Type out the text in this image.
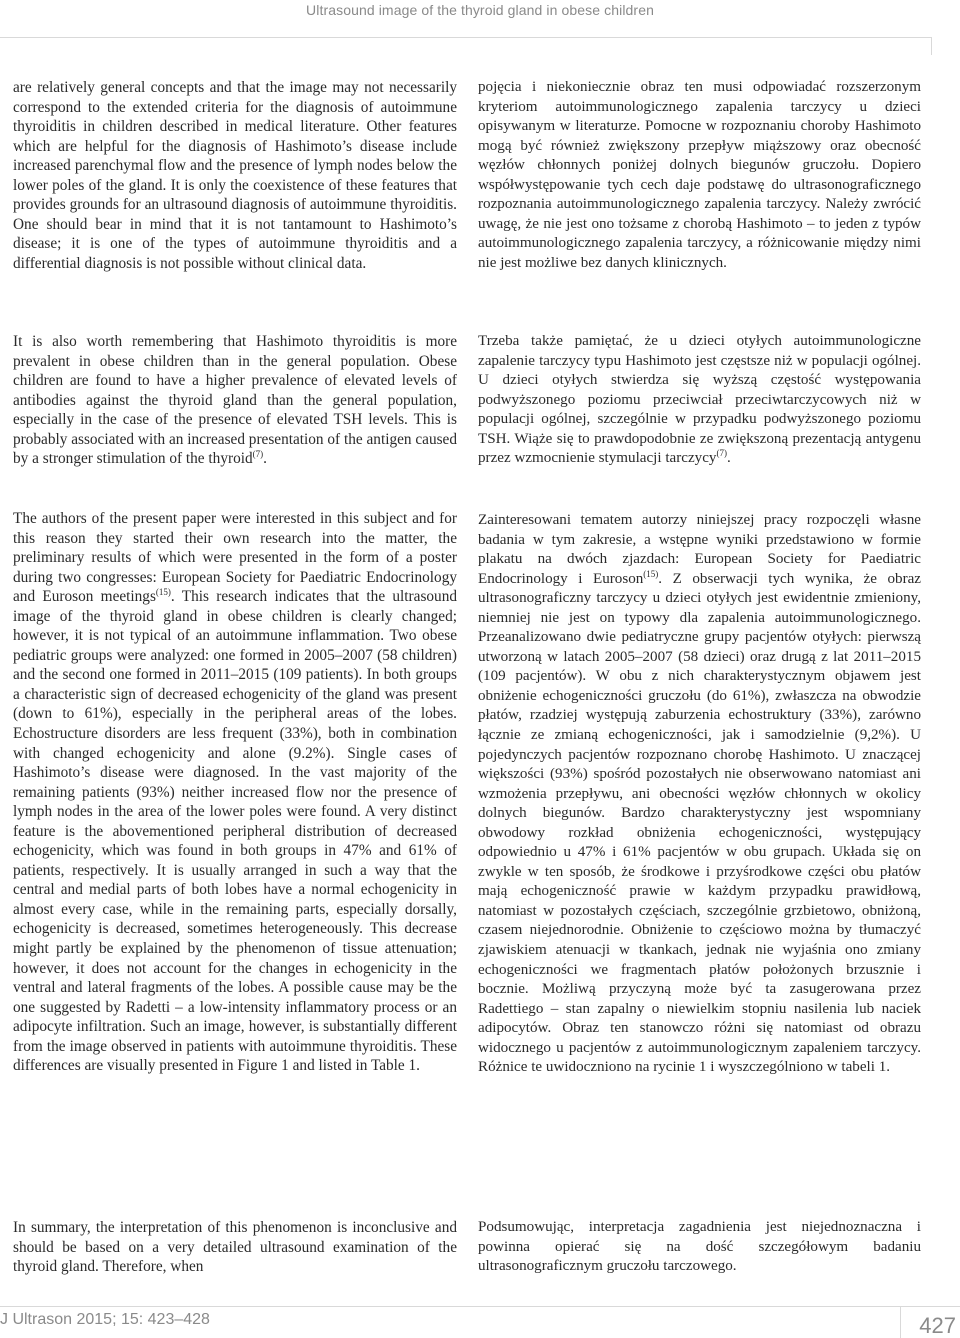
Ultrasound image of the thyroid gland in obese children

are relatively general concepts and that the image may not necessarily correspond to the extended criteria for the diagnosis of autoimmune thyroiditis in children described in medical literature. Other features which are helpful for the diagnosis of Hashimoto’s disease include increased parenchymal flow and the presence of lymph nodes below the lower poles of the gland. It is only the coexistence of these features that provides grounds for an ultrasound diagnosis of autoimmune thyroiditis. One should bear in mind that it is not tantamount to Hashimoto’s disease; it is one of the types of autoimmune thyroiditis and a differential diagnosis is not possible without clinical data.

It is also worth remembering that Hashimoto thyroiditis is more prevalent in obese children than in the general population. Obese children are found to have a higher prevalence of elevated levels of antibodies against the thyroid gland than the general population, especially in the case of the presence of elevated TSH levels. This is probably associated with an increased presentation of the antigen caused by a stronger stimulation of the thyroid$^{(7)}$.

The authors of the present paper were interested in this subject and for this reason they started their own research into the matter, the preliminary results of which were presented in the form of a poster during two congresses: European Society for Paediatric Endocrinology and Euroson meetings$^{(15)}$. This research indicates that the ultrasound image of the thyroid gland in obese children is clearly changed; however, it is not typical of an autoimmune inflammation. Two obese pediatric groups were analyzed: one formed in 2005–2007 (58 children) and the second one formed in 2011–2015 (109 patients). In both groups a characteristic sign of decreased echogenicity of the gland was present (down to 61%), especially in the peripheral areas of the lobes. Echostructure disorders are less frequent (33%), both in combination with changed echogenicity and alone (9.2%). Single cases of Hashimoto’s disease were diagnosed. In the vast majority of the remaining patients (93%) neither increased flow nor the presence of lymph nodes in the area of the lower poles were found. A very distinct feature is the abovementioned peripheral distribution of decreased echogenicity, which was found in both groups in 47% and 61% of patients, respectively. It is usually arranged in such a way that the central and medial parts of both lobes have a normal echogenicity in almost every case, while in the remaining parts, especially dorsally, echogenicity is decreased, sometimes heterogeneously. This decrease might partly be explained by the phenomenon of tissue attenuation; however, it does not account for the changes in echogenicity in the ventral and lateral fragments of the lobes. A possible cause may be the one suggested by Radetti – a low-intensity inflammatory process or an adipocyte infiltration. Such an image, however, is substantially different from the image observed in patients with autoimmune thyroiditis. These differences are visually presented in Figure 1 and listed in Table 1.

In summary, the interpretation of this phenomenon is inconclusive and should be based on a very detailed ultrasound examination of the thyroid gland. Therefore, when

pojęcia i niekoniecznie obraz ten musi odpowiadać rozszerzonym kryteriom autoimmunologicznego zapalenia tarczycy u dzieci opisywanym w literaturze. Pomocne w rozpoznaniu choroby Hashimoto mogą być również zwiększony przepływ miąższowy oraz obecność węzłów chłonnych poniżej dolnych biegunów gruczołu. Dopiero współwystępowanie tych cech daje podstawę do ultrasonograficznego rozpoznania autoimmunologicznego zapalenia tarczycy. Należy zwrócić uwagę, że nie jest ono tożsame z chorobą Hashimoto – to jeden z typów autoimmunologicznego zapalenia tarczycy, a różnicowanie między nimi nie jest możliwe bez danych klinicznych.

Trzeba także pamiętać, że u dzieci otyłych autoimmunologiczne zapalenie tarczycy typu Hashimoto jest częstsze niż w populacji ogólnej. U dzieci otyłych stwierdza się wyższą częstość występowania podwyższonego poziomu przeciwciał przeciwtarczycowych niż w populacji ogólnej, szczególnie w przypadku podwyższonego poziomu TSH. Wiąże się to prawdopodobnie ze zwiększoną prezentacją antygenu przez wzmocnienie stymulacji tarczycy$^{(7)}$.

Zainteresowani tematem autorzy niniejszej pracy rozpoczęli własne badania w tym zakresie, a wstępne wyniki przedstawiono w formie plakatu na dwóch zjazdach: European Society for Paediatric Endocrinology i Euroson$^{(15)}$. Z obserwacji tych wynika, że obraz ultrasonograficzny tarczycy u dzieci otyłych jest ewidentnie zmieniony, niemniej nie jest on typowy dla zapalenia autoimmunologicznego. Przeanalizowano dwie pediatryczne grupy pacjentów otyłych: pierwszą utworzoną w latach 2005–2007 (58 dzieci) oraz drugą z lat 2011–2015 (109 pacjentów). W obu z nich charakterystycznym objawem jest obniżenie echogeniczności gruczołu (do 61%), zwłaszcza na obwodzie płatów, rzadziej występują zaburzenia echostruktury (33%), zarówno łącznie ze zmianą echogeniczności, jak i samodzielnie (9,2%). U pojedynczych pacjentów rozpoznano chorobę Hashimoto. U znaczącej większości (93%) spośród pozostałych nie obserwowano natomiast ani wzmożenia przepływu, ani obecności węzłów chłonnych w okolicy dolnych biegunów. Bardzo charakterystyczny jest wspomniany obwodowy rozkład obniżenia echogeniczności, występujący odpowiednio u 47% i 61% pacjentów w obu grupach. Układa się on zwykle w ten sposób, że środkowe i przyśrodkowe części obu płatów mają echogeniczność prawie w każdym przypadku prawidłową, natomiast w pozostałych częściach, szczególnie grzbietowo, obniżoną, czasem niejednorodnie. Obniżenie to częściowo można by tłumaczyć zjawiskiem atenuacji w tkankach, jednak nie wyjaśnia ono zmiany echogeniczności we fragmentach płatów położonych brzusznie i bocznie. Możliwą przyczyną może być ta zasugerowana przez Radettiego – stan zapalny o niewielkim stopniu nasilenia lub naciek adipocytów. Obraz ten stanowczo różni się natomiast od obrazu widocznego u pacjentów z autoimmunologicznym zapaleniem tarczycy. Różnice te uwidoczniono na rycinie 1 i wyszczególniono w tabeli 1.

Podsumowując, interpretacja zagadnienia jest niejednoznaczna i powinna opierać się na dość szczegółowym badaniu ultrasonograficznym gruczołu tarczowego.

J Ultrason 2015; 15: 423–428	427
